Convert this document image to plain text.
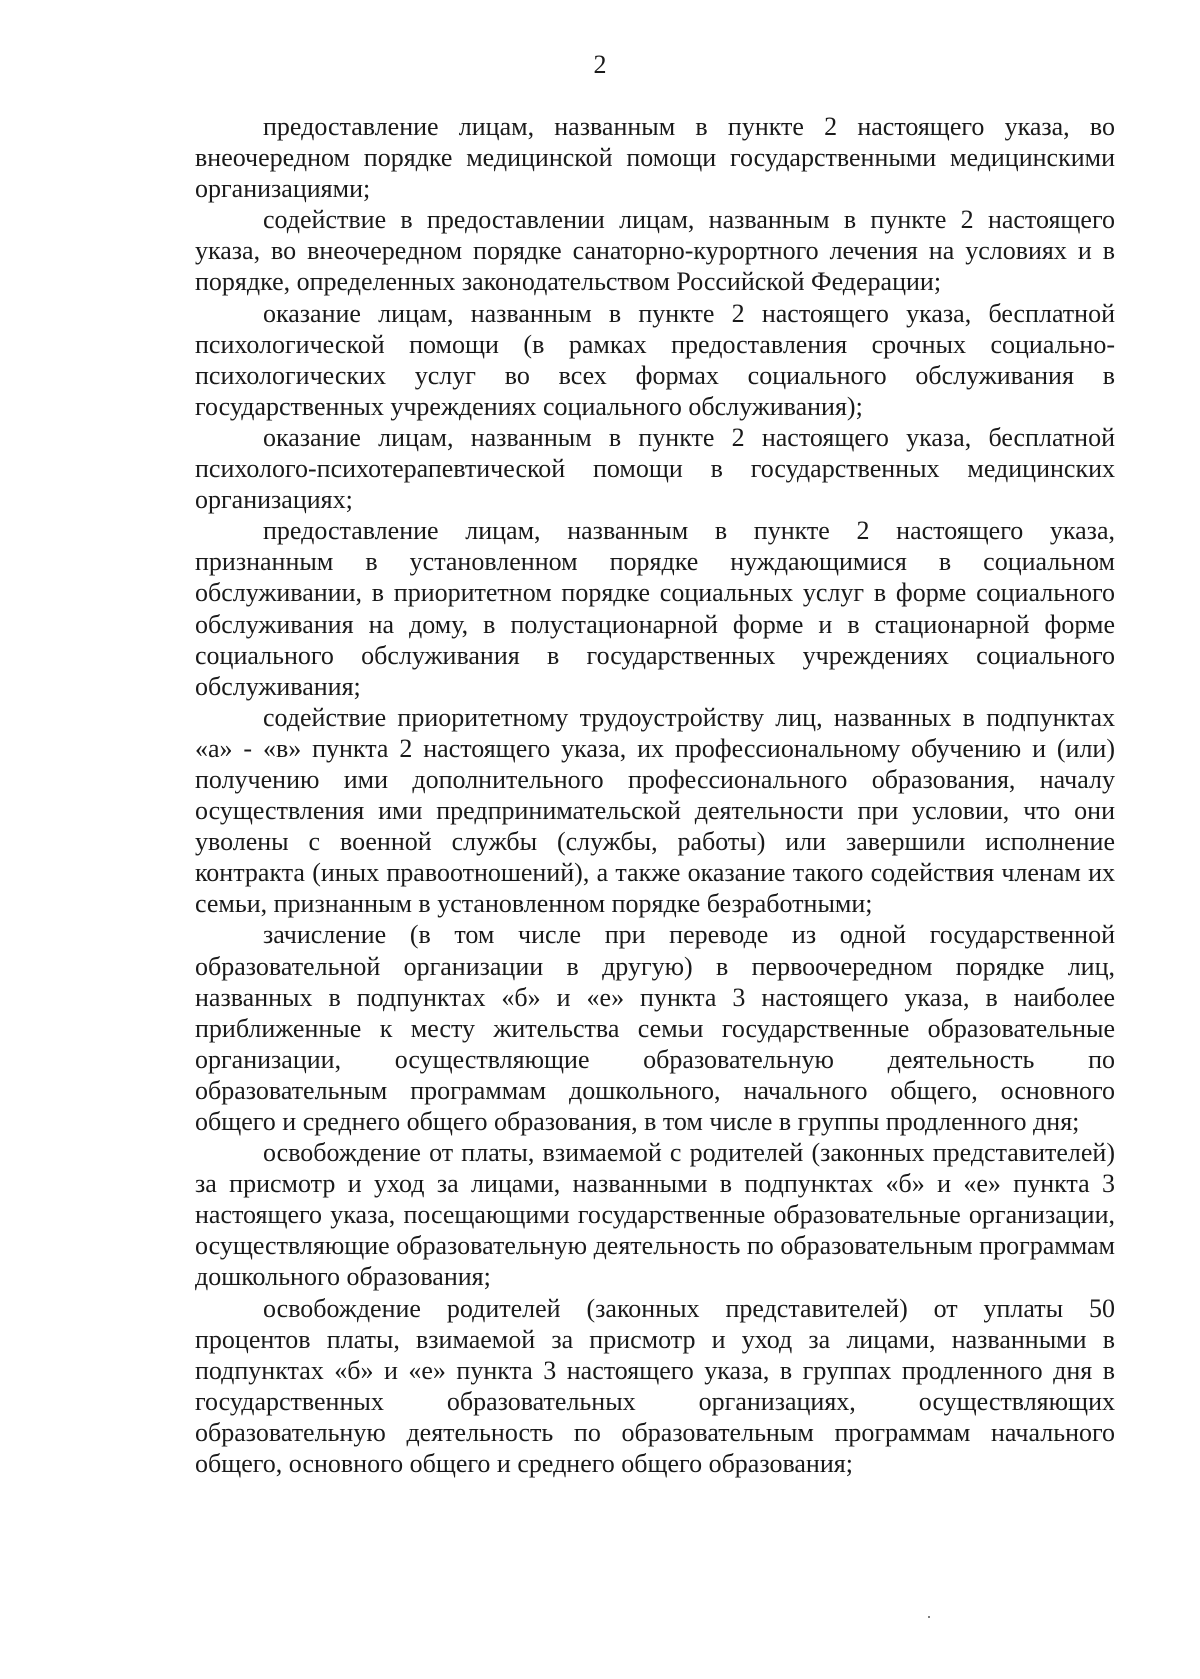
2

предоставление лицам, названным в пункте 2 настоящего указа, во внеочередном порядке медицинской помощи государственными медицинскими организациями;

содействие в предоставлении лицам, названным в пункте 2 настоящего указа, во внеочередном порядке санаторно-курортного лечения на условиях и в порядке, определенных законодательством Российской Федерации;

оказание лицам, названным в пункте 2 настоящего указа, бесплатной психологической помощи (в рамках предоставления срочных социально-психологических услуг во всех формах социального обслуживания в государственных учреждениях социального обслуживания);

оказание лицам, названным в пункте 2 настоящего указа, бесплатной психолого-психотерапевтической помощи в государственных медицинских организациях;

предоставление лицам, названным в пункте 2 настоящего указа, признанным в установленном порядке нуждающимися в социальном обслуживании, в приоритетном порядке социальных услуг в форме социального обслуживания на дому, в полустационарной форме и в стационарной форме социального обслуживания в государственных учреждениях социального обслуживания;

содействие приоритетному трудоустройству лиц, названных в подпунктах «а» - «в» пункта 2 настоящего указа, их профессиональному обучению и (или) получению ими дополнительного профессионального образования, началу осуществления ими предпринимательской деятельности при условии, что они уволены с военной службы (службы, работы) или завершили исполнение контракта (иных правоотношений), а также оказание такого содействия членам их семьи, признанным в установленном порядке безработными;

зачисление (в том числе при переводе из одной государственной образовательной организации в другую) в первоочередном порядке лиц, названных в подпунктах «б» и «е» пункта 3 настоящего указа, в наиболее приближенные к месту жительства семьи государственные образовательные организации, осуществляющие образовательную деятельность по образовательным программам дошкольного, начального общего, основного общего и среднего общего образования, в том числе в группы продленного дня;

освобождение от платы, взимаемой с родителей (законных представителей) за присмотр и уход за лицами, названными в подпунктах «б» и «е» пункта 3 настоящего указа, посещающими государственные образовательные организации, осуществляющие образовательную деятельность по образовательным программам дошкольного образования;

освобождение родителей (законных представителей) от уплаты 50 процентов платы, взимаемой за присмотр и уход за лицами, названными в подпунктах «б» и «е» пункта 3 настоящего указа, в группах продленного дня в государственных образовательных организациях, осуществляющих образовательную деятельность по образовательным программам начального общего, основного общего и среднего общего образования;
